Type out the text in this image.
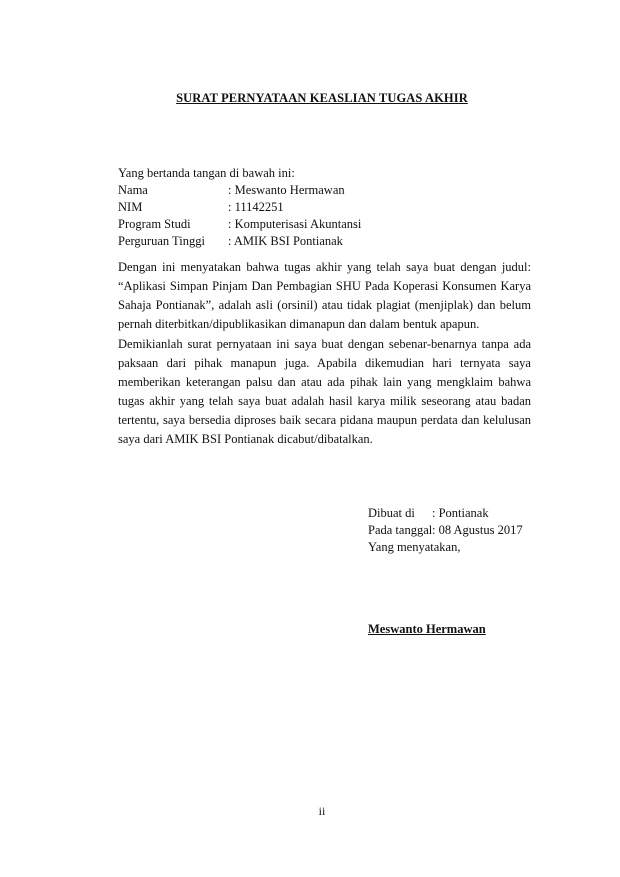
SURAT PERNYATAAN KEASLIAN TUGAS AKHIR
Yang bertanda tangan di bawah ini:
Nama	: Meswanto Hermawan
NIM	: 11142251
Program Studi	: Komputerisasi Akuntansi
Perguruan Tinggi	: AMIK BSI Pontianak
Dengan ini menyatakan bahwa tugas akhir yang telah saya buat dengan judul: “Aplikasi Simpan Pinjam Dan Pembagian SHU Pada Koperasi Konsumen Karya Sahaja Pontianak”, adalah asli (orsinil) atau tidak plagiat (menjiplak) dan belum pernah diterbitkan/dipublikasikan dimanapun dan dalam bentuk apapun.
Demikianlah surat pernyataan ini saya buat dengan sebenar-benarnya tanpa ada paksaan dari pihak manapun juga. Apabila dikemudian hari ternyata saya memberikan keterangan palsu dan atau ada pihak lain yang mengklaim bahwa tugas akhir yang telah saya buat adalah hasil karya milik seseorang atau badan tertentu, saya bersedia diproses baik secara pidana maupun perdata dan kelulusan saya dari AMIK BSI Pontianak dicabut/dibatalkan.
Dibuat di	: Pontianak
Pada tanggal : 08 Agustus 2017
Yang menyatakan,
Meswanto Hermawan
ii
